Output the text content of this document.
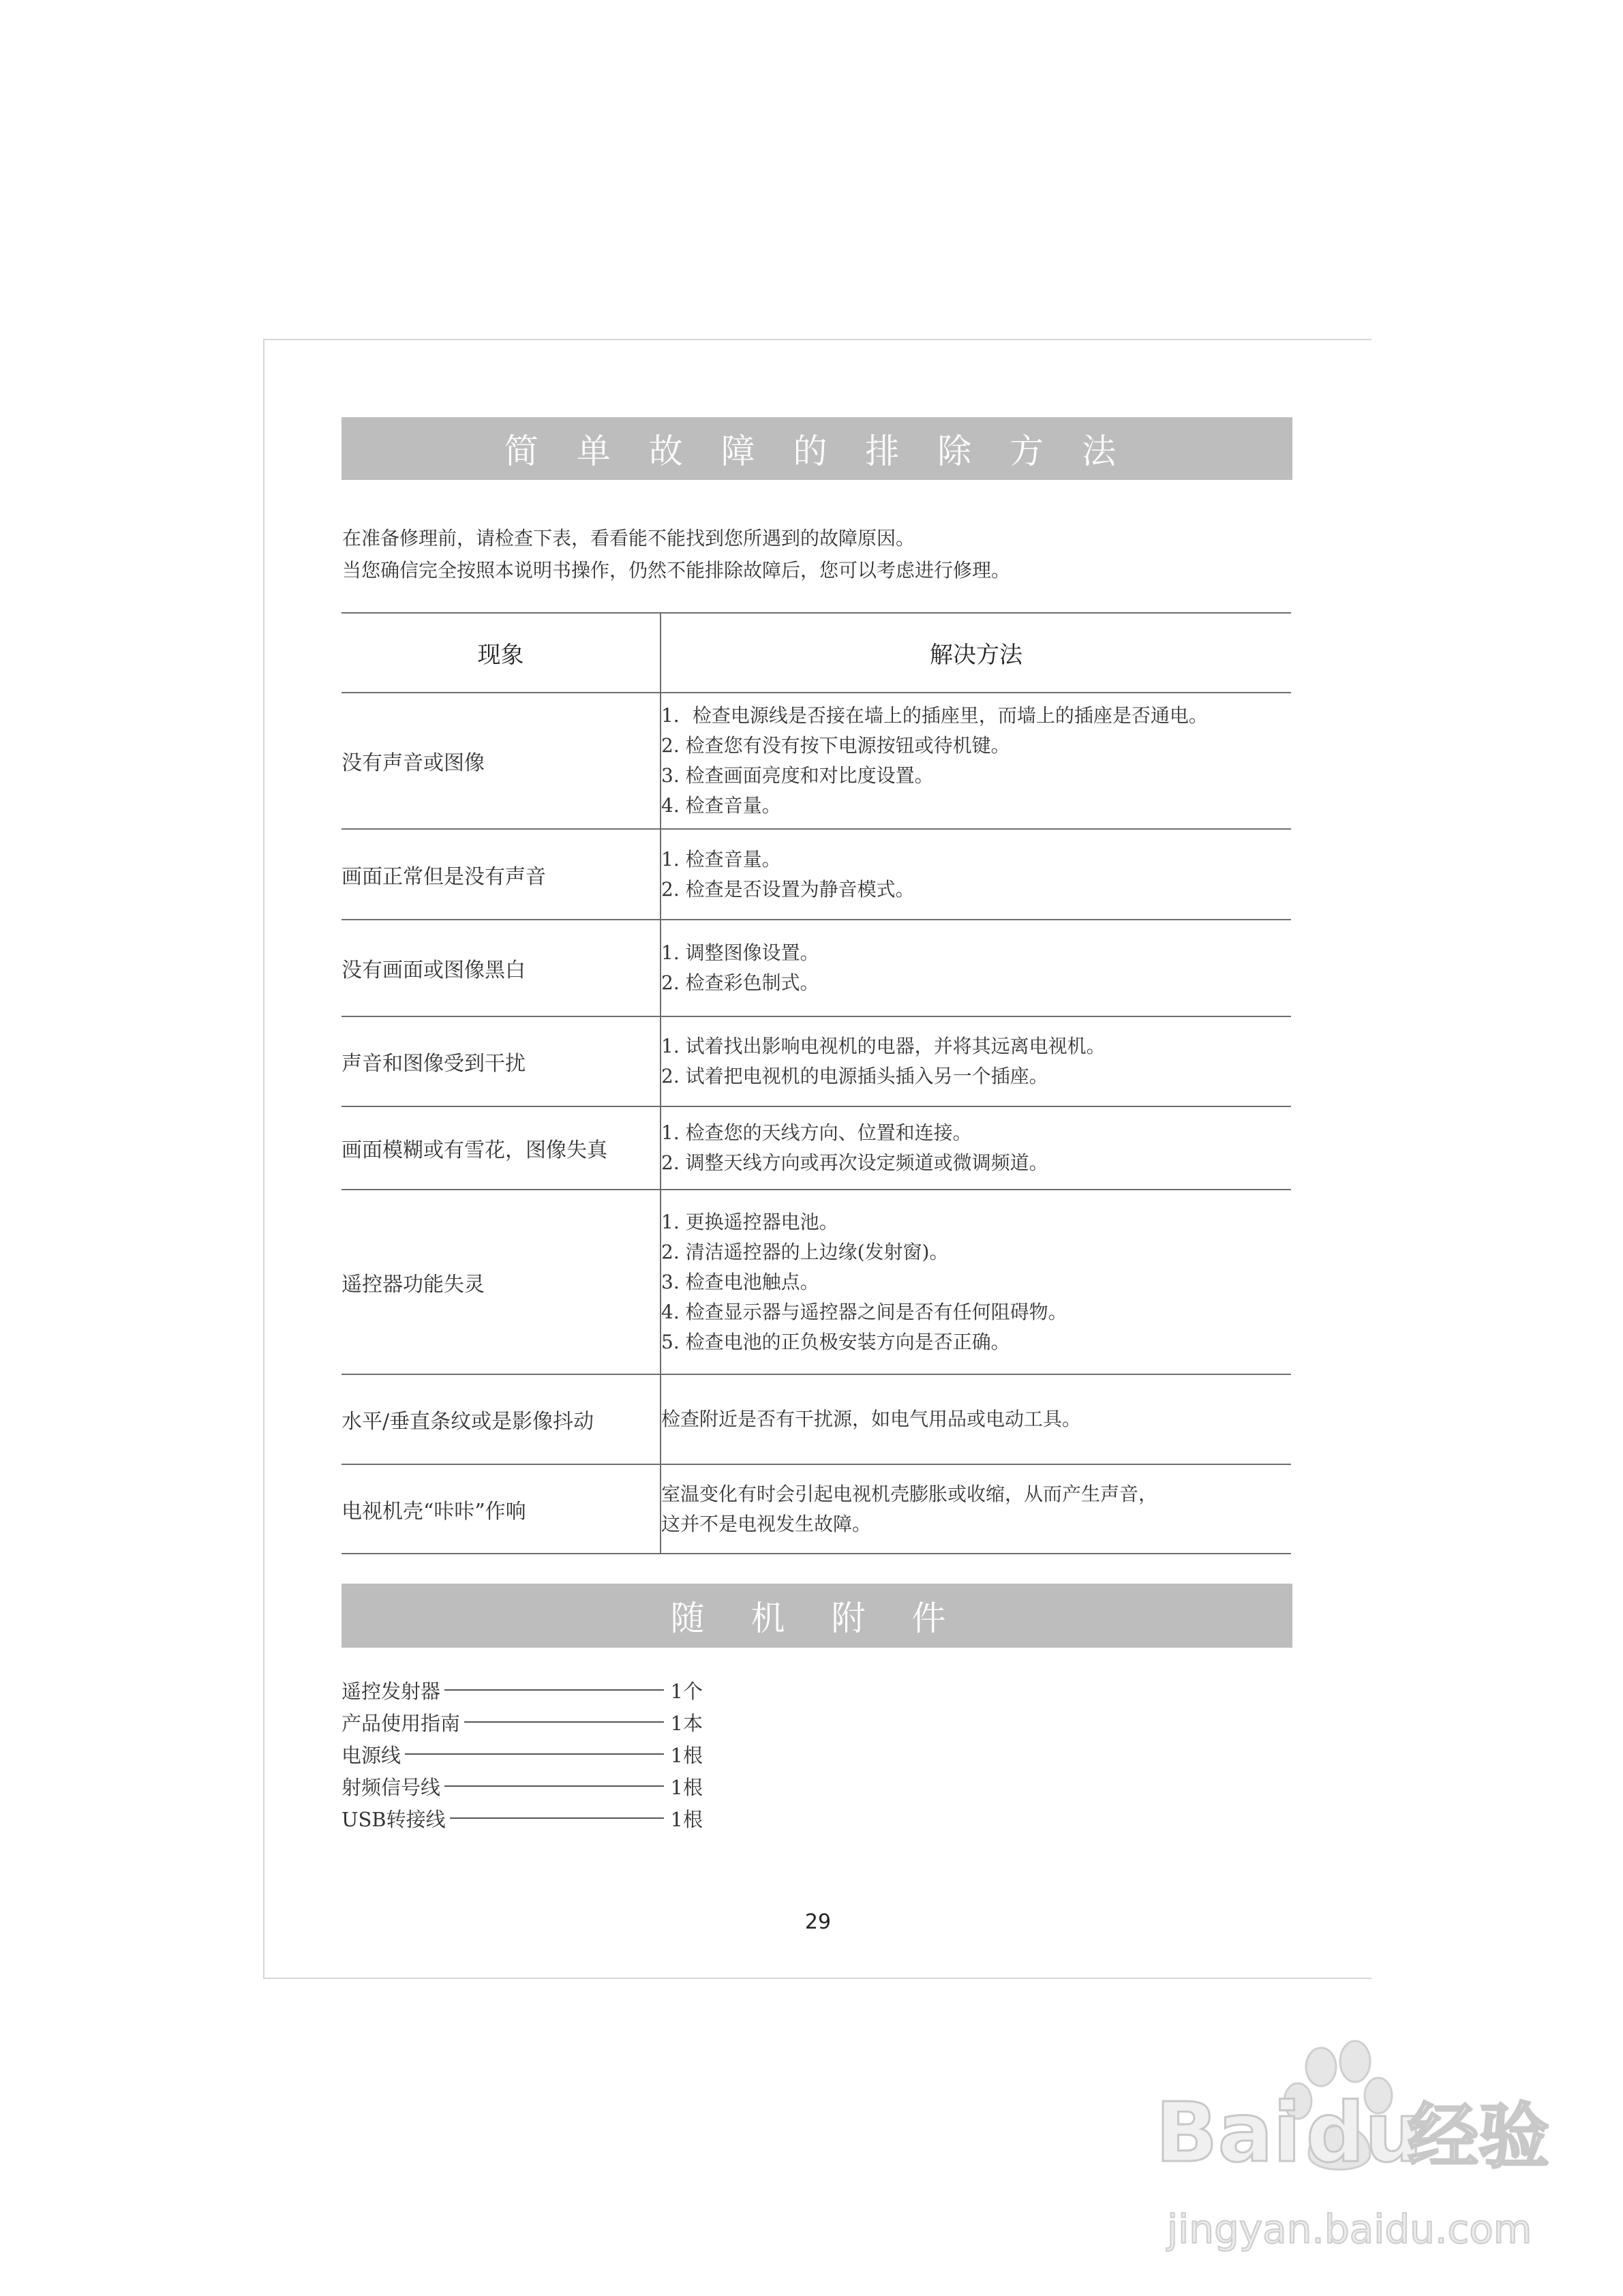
简 单 故 障 的 排 除 方 法
在准备修理前，请检查下表，看看能不能找到您所遇到的故障原因。
当您确信完全按照本说明书操作，仍然不能排除故障后，您可以考虑进行修理。
现象	解决方法
没有声音或图像	1．检查电源线是否接在墙上的插座里，而墙上的插座是否通电。
2. 检查您有没有按下电源按钮或待机键。
3. 检查画面亮度和对比度设置。
4. 检查音量。

画面正常但是没有声音	1. 检查音量。
2. 检查是否设置为静音模式。

没有画面或图像黑白	1. 调整图像设置。
2. 检查彩色制式。

声音和图像受到干扰	1. 试着找出影响电视机的电器，并将其远离电视机。
2. 试着把电视机的电源插头插入另一个插座。

画面模糊或有雪花，图像失真	1. 检查您的天线方向、位置和连接。
2. 调整天线方向或再次设定频道或微调频道。

遥控器功能失灵	1. 更换遥控器电池。
2. 清洁遥控器的上边缘(发射窗)。
3. 检查电池触点。
4. 检查显示器与遥控器之间是否有任何阻碍物。
5. 检查电池的正负极安装方向是否正确。

水平/垂直条纹或是影像抖动	检查附近是否有干扰源，如电气用品或电动工具。

电视机壳“咔咔”作响	室温变化有时会引起电视机壳膨胀或收缩，从而产生声音，
这并不是电视发生故障。
随 机 附 件
遥控发射器	1个
产品使用指南	1本
电源线	1根
射频信号线	1根
USB转接线	1根
29
Bai du
经验
jingyan.baidu.com
